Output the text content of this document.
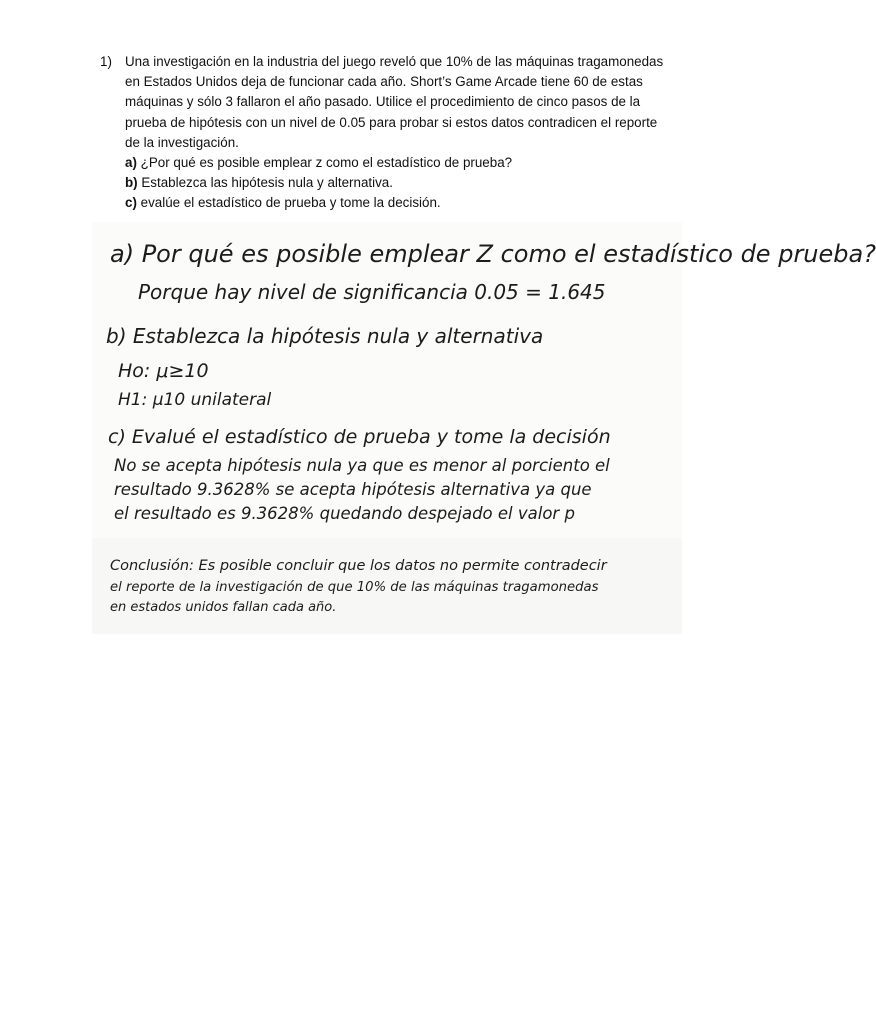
1) Una investigación en la industria del juego reveló que 10% de las máquinas tragamonedas
en Estados Unidos deja de funcionar cada año. Short’s Game Arcade tiene 60 de estas
máquinas y sólo 3 fallaron el año pasado. Utilice el procedimiento de cinco pasos de la
prueba de hipótesis con un nivel de 0.05 para probar si estos datos contradicen el reporte
de la investigación.
a) ¿Por qué es posible emplear z como el estadístico de prueba?
b) Establezca las hipótesis nula y alternativa.
c) evalúe el estadístico de prueba y tome la decisión.
a) Por qué es posible emplear Z como el estadístico de prueba?
Porque hay nivel de significancia 0.05 = 1.645
b) Establezca la hipótesis nula y alternativa
Ho: μ≥10
H1: μ10 unilateral
c) Evalué el estadístico de prueba y tome la decisión
No se acepta hipótesis nula ya que es menor al porciento el
resultado 9.3628% se acepta hipótesis alternativa ya que
el resultado es 9.3628% quedando despejado el valor p
Conclusión: Es posible concluir que los datos no permite contradecir
el reporte de la investigación de que 10% de las máquinas tragamonedas
en estados unidos fallan cada año.
